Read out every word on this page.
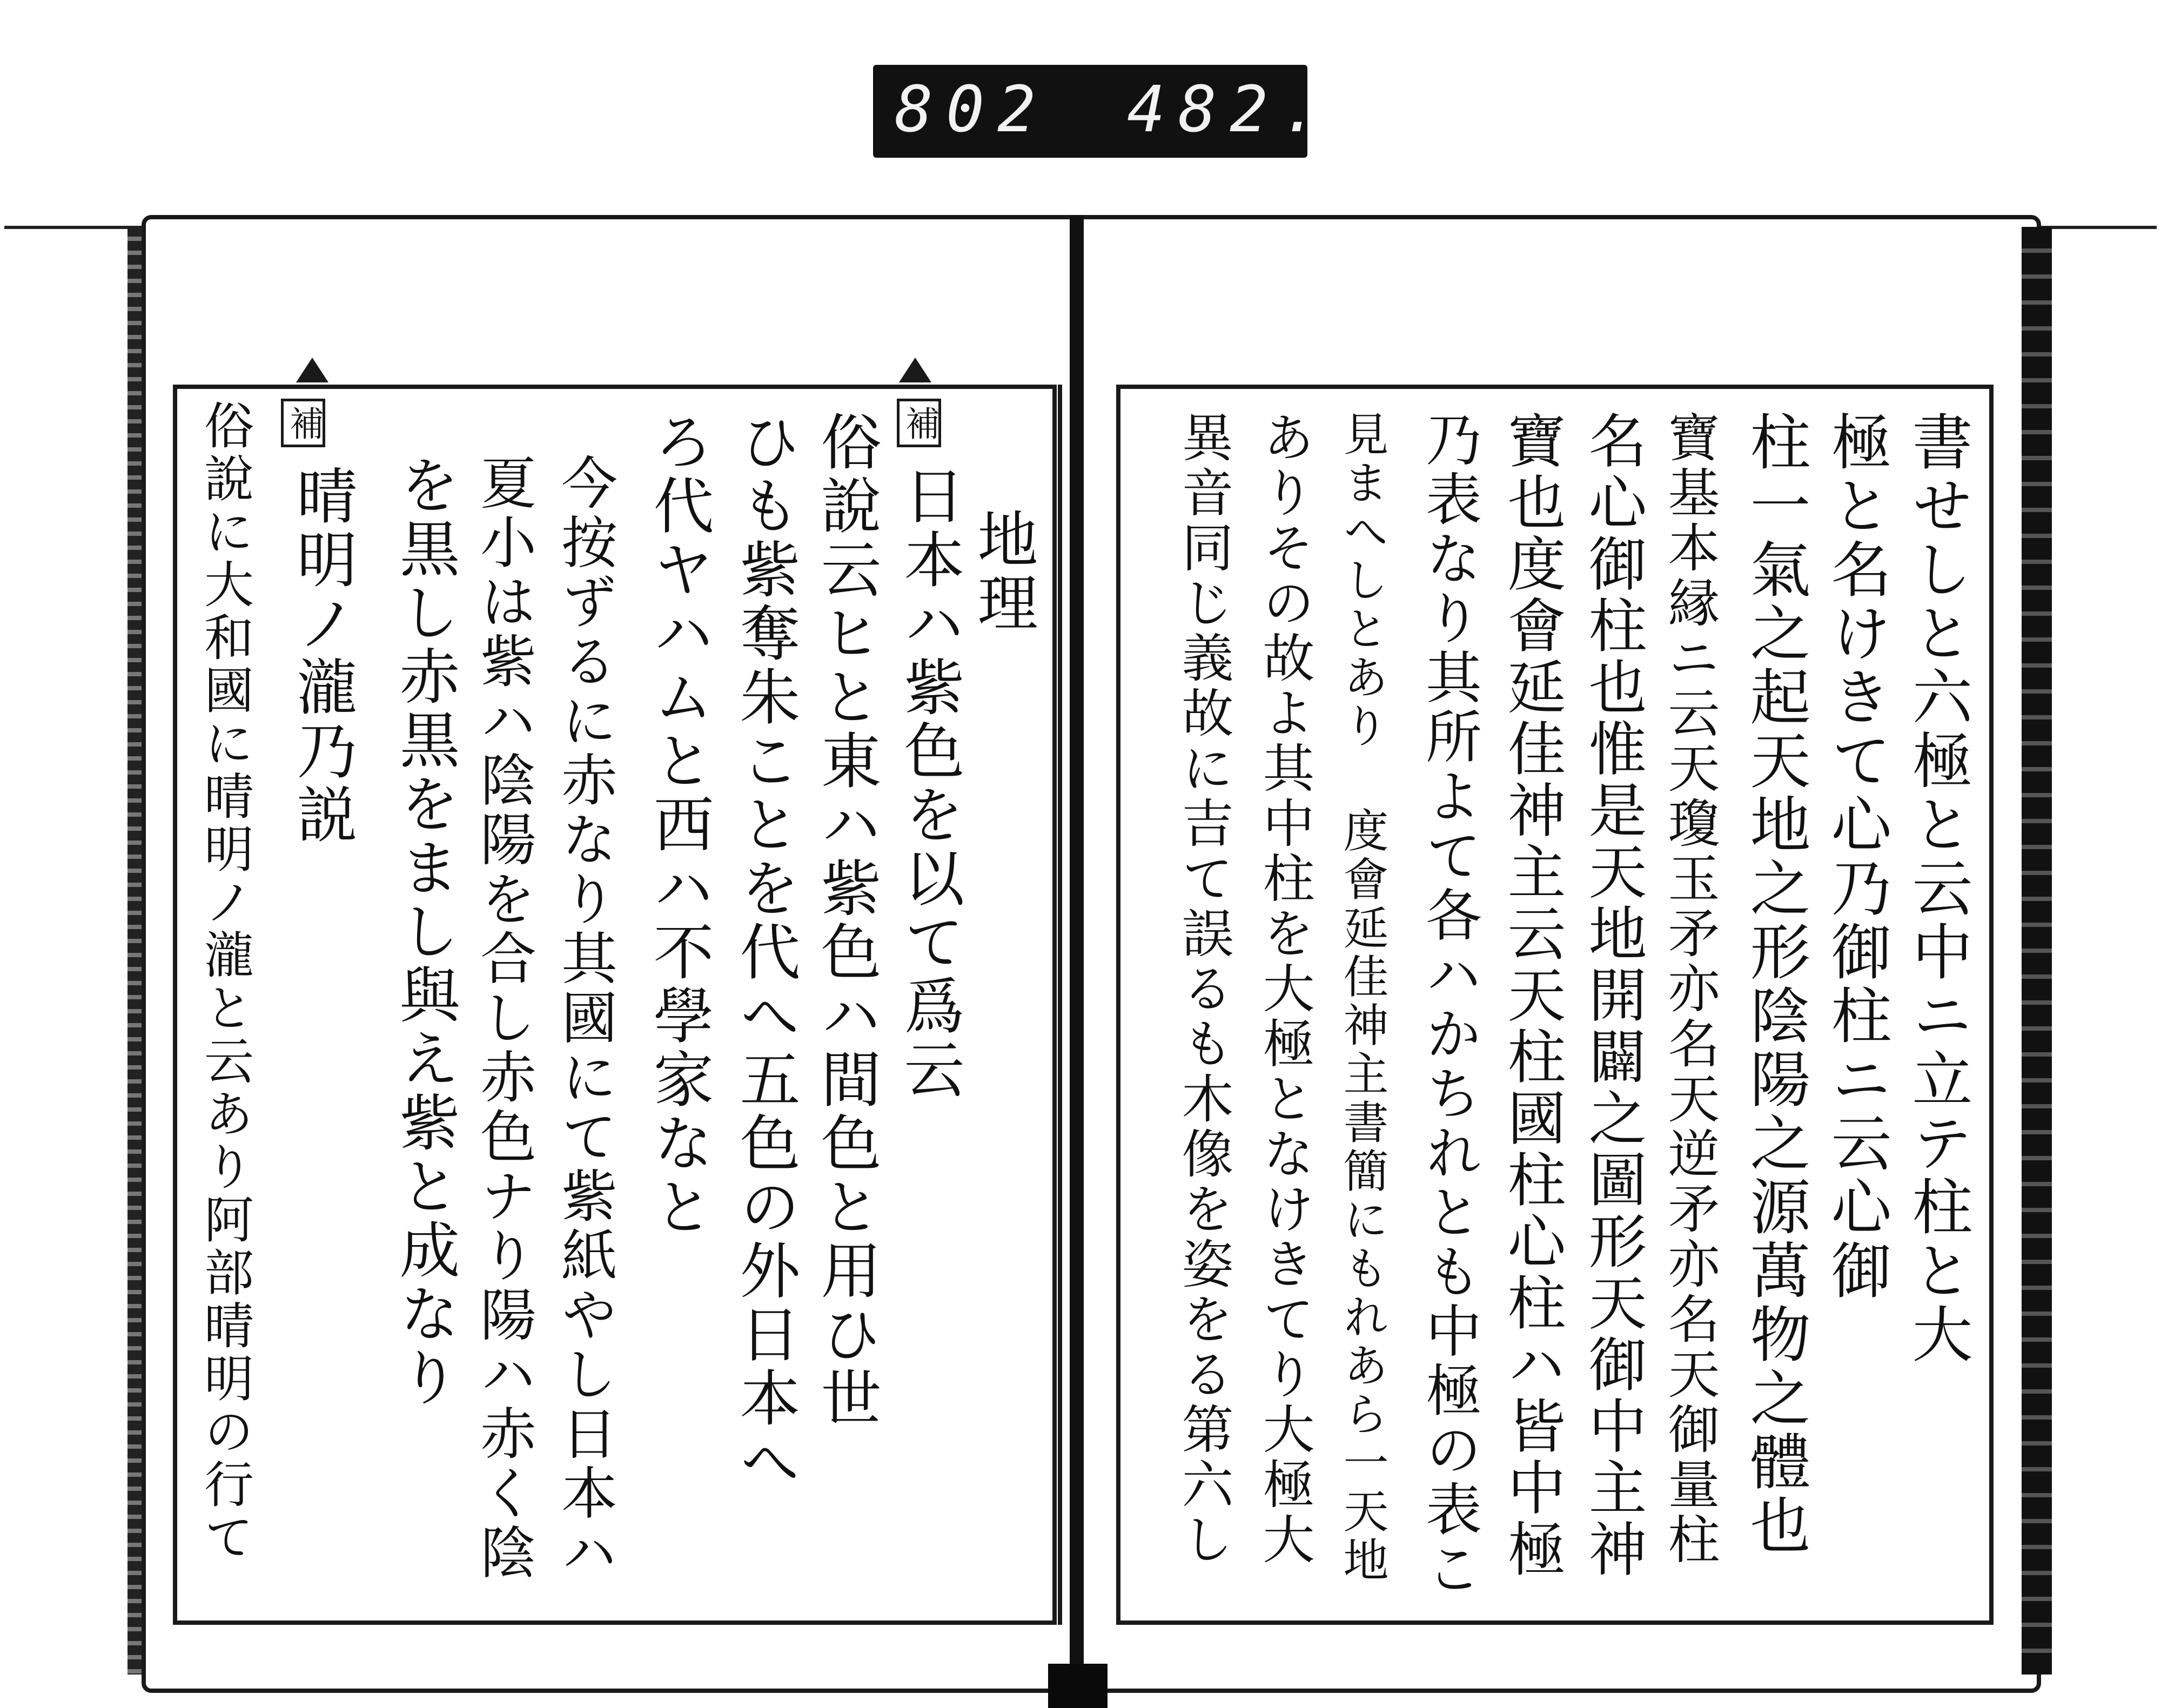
802 482.
補
補
地理
日本ハ紫色を以て爲云
俗說云ヒと東ハ紫色ハ間色と用ひ世
ひも紫奪朱ことを代へ五色の外日本へ
ろ代ヤハムと西ハ不學家なと
今按ずるに赤なり其國にて紫紙やし日本ハ
夏小は紫ハ陰陽を合し赤色ナり陽ハ赤く陰
を黒し赤黒をまし與え紫と成なり
晴明ノ瀧乃説
俗說に大和國に晴明ノ瀧と云あり阿部晴明の行て	書せしと六極と云中ニ立テ柱と大
極と名けきて心乃御柱ニ云心御
柱一氣之起天地之形陰陽之源萬物之體也
寶基本縁ニ云天瓊玉矛亦名天逆矛亦名天御量柱
名心御柱也惟是天地開闢之圖形天御中主神
寶也度會延佳神主云天柱國柱心柱ハ皆中極
乃表なり其所よて各ハかちれとも中極の表こ
見まへしとあり 度會延佳神主書簡にもれあら一天地
ありその故よ其中柱を大極となけきてり大極大
異音同じ義故に吉て誤るも木像を姿をる第六し
